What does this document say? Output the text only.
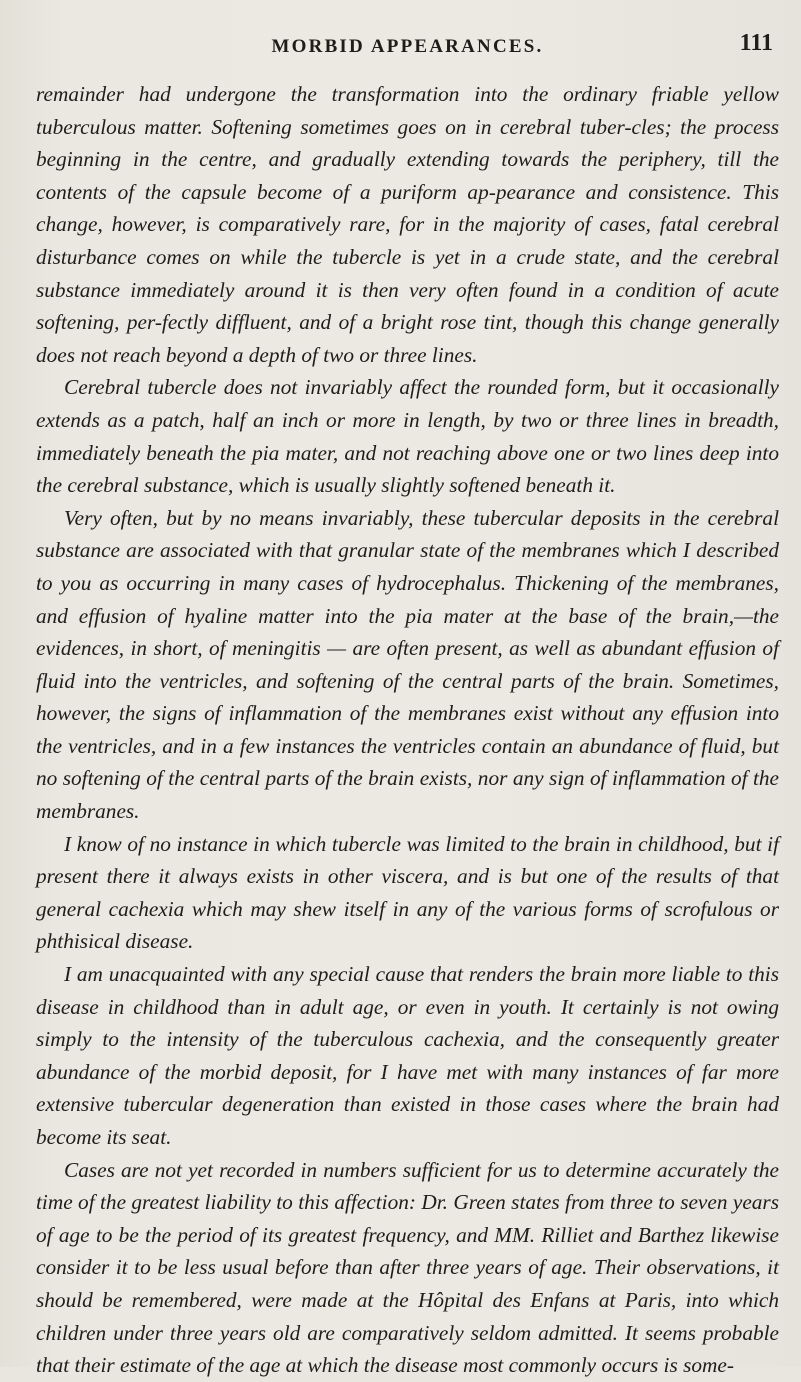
MORBID APPEARANCES.	111

remainder had undergone the transformation into the ordinary friable yellow tuberculous matter. Softening sometimes goes on in cerebral tuber-cles; the process beginning in the centre, and gradually extending towards the periphery, till the contents of the capsule become of a puriform ap-pearance and consistence. This change, however, is comparatively rare, for in the majority of cases, fatal cerebral disturbance comes on while the tubercle is yet in a crude state, and the cerebral substance immediately around it is then very often found in a condition of acute softening, per-fectly diffluent, and of a bright rose tint, though this change generally does not reach beyond a depth of two or three lines.

Cerebral tubercle does not invariably affect the rounded form, but it occasionally extends as a patch, half an inch or more in length, by two or three lines in breadth, immediately beneath the pia mater, and not reaching above one or two lines deep into the cerebral substance, which is usually slightly softened beneath it.

Very often, but by no means invariably, these tubercular deposits in the cerebral substance are associated with that granular state of the membranes which I described to you as occurring in many cases of hydrocephalus. Thickening of the membranes, and effusion of hyaline matter into the pia mater at the base of the brain,—the evidences, in short, of meningitis — are often present, as well as abundant effusion of fluid into the ventricles, and softening of the central parts of the brain. Sometimes, however, the signs of inflammation of the membranes exist without any effusion into the ventricles, and in a few instances the ventricles contain an abundance of fluid, but no softening of the central parts of the brain exists, nor any sign of inflammation of the membranes.

I know of no instance in which tubercle was limited to the brain in childhood, but if present there it always exists in other viscera, and is but one of the results of that general cachexia which may shew itself in any of the various forms of scrofulous or phthisical disease.

I am unacquainted with any special cause that renders the brain more liable to this disease in childhood than in adult age, or even in youth. It certainly is not owing simply to the intensity of the tuberculous cachexia, and the consequently greater abundance of the morbid deposit, for I have met with many instances of far more extensive tubercular degeneration than existed in those cases where the brain had become its seat.

Cases are not yet recorded in numbers sufficient for us to determine accurately the time of the greatest liability to this affection: Dr. Green states from three to seven years of age to be the period of its greatest frequency, and MM. Rilliet and Barthez likewise consider it to be less usual before than after three years of age. Their observations, it should be remembered, were made at the Hôpital des Enfans at Paris, into which children under three years old are comparatively seldom admitted. It seems probable that their estimate of the age at which the disease most commonly occurs is some-
